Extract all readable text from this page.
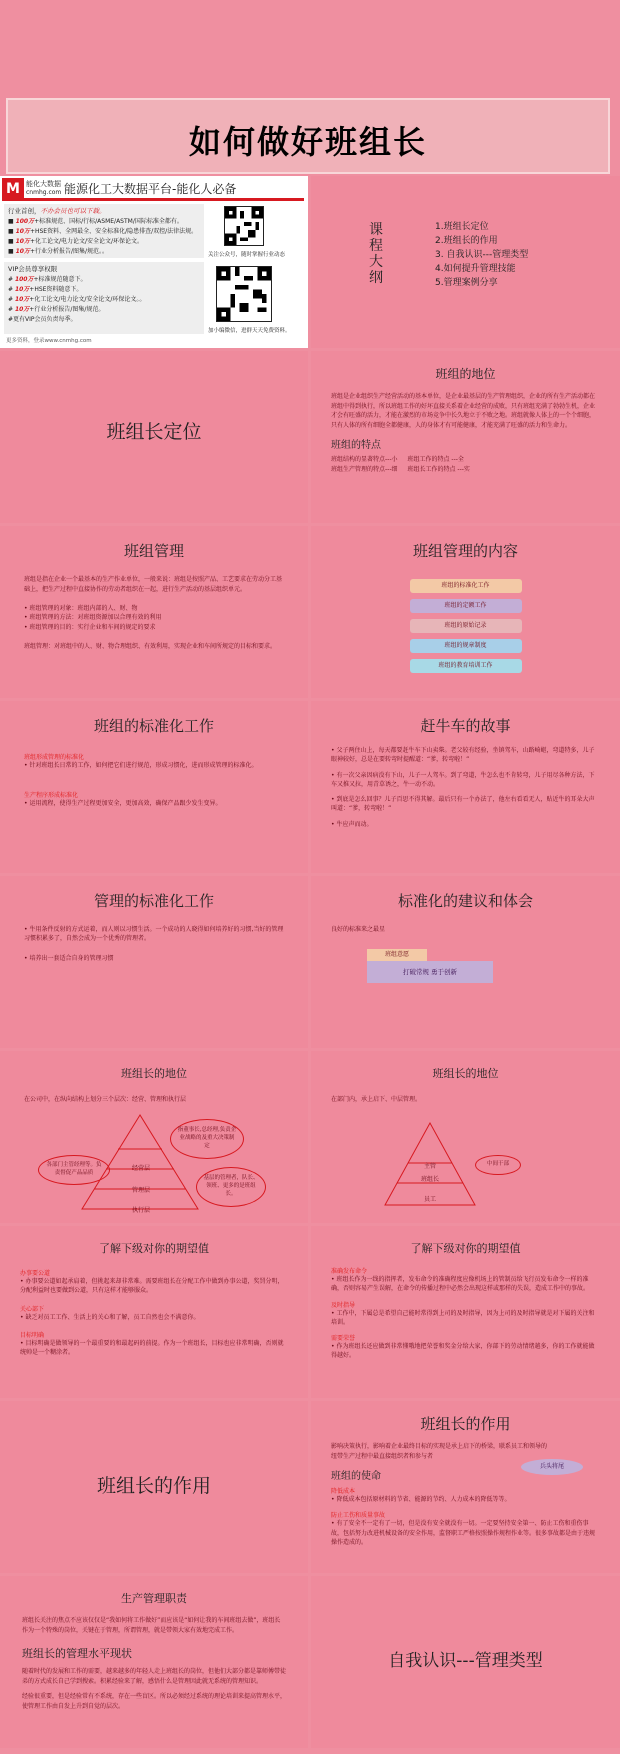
如何做好班组长
M 能化大数据
cnmhg.com 能源化工大数据平台-能化人必备
行业首创，不办会员也可以下载。
■ 100万+标准规范、国标/行标/ASME/ASTM/国际标准全都有。
■ 10万+HSE资料、全网最全、安全标准化/隐患排查/双控/法律法规。
■ 10万+化工论文/电力论文/安全论文/环保论文。
■ 10万+行业分析报告/图集/规范。。
VIP会员尊享权限
# 100万+标准规范随意下。
# 10万+HSE资料随意下。
# 10万+化工论文/电力论文/安全论文/环保论文。。
# 10万+行业分析报告/图集/规范。
#更有VIP会员负责每季。
更多资料，登录www.cnmhg.com
关注公众号，随时掌握行业动态
加小编微信，进群天天免费资料。
课程大纲
1.班组长定位
2.班组长的作用
3. 自我认识---管理类型
4.如何提升管理技能
5.管理案例分享
班组长定位
班组的地位
班组是企业组织生产经营活动的基本单位，是企业最基层的生产管理组织，企业的所有生产活动都在班组中得到执行，所以班组工作的好坏直接关系着企业经营的成败，只有班组充满了勃勃生机，企业才会有旺盛的活力，才能在激烈的市场竞争中长久地立于不败之地。班组就像人体上的一个个细胞，只有人体的所有细胞全都健康，人的身体才有可能健康，才能充满了旺盛的活力和生命力。
班组的特点
班组结构的显著特点---小 班组工作的特点 ---全
班组生产管理的特点---细 班组长工作的特点 ---实
班组管理
班组是指在企业一个最基本的生产作业单位，一般来说：班组是按照产品、工艺要求在劳动分工基础上，把生产过程中直接协作的劳动者组织在一起，进行生产活动的基层组织单元。
• 班组管理的对象：班组内部的人、财、物
• 班组管理的方法：对班组资源加以合理有效的利用
• 班组管理的目的：实行企业和车间的规定的要求
班组管理：对班组中的人、财、物合理组织、有效利用，实现企业和车间所规定的目标和要求。
班组管理的内容
班组的标准化工作
班组的定额工作
班组的原始记录
班组的规章制度
班组的教育培训工作
班组的标准化工作
班组形成管理的标准化
• 针对班组长日常的工作，如何把它们进行规范，形成习惯化，进而形成管理的标准化。
生产程序形成标准化
• 运用流程，使得生产过程更加安全，更加高效，确保产品跟少发生变异。
赶牛车的故事
• 父子两住山上，每天都要赶牛车下山卖柴。老父较有经验，坐镇驾车，山路崎岖，弯道特多，儿子眼神较好，总是在要转弯时提醒道：“爹，转弯啦！”
• 有一次父亲因病没有下山，儿子一人驾车。到了弯道，牛怎么也不肯转弯，儿子用尽各种方法，下车又推又拉，用青草诱之，牛一动不动。
• 到底是怎么回事？儿子百思不得其解。最后只有一个办法了，他左右看看无人，贴近牛的耳朵大声叫道：“爹，转弯啦！”
• 牛应声而动。
管理的标准化工作
• 牛用条件反射的方式运着，而人则以习惯生活。一个成功的人晓得如何培养好的习惯,当好的管理习惯积累多了，自然会成为一个优秀的管理者。
• 培养出一套适合自身的管理习惯
标准化的建议和体会
良好的标准来之最星
班组意愿
打破常规 勇于创新
班组长的地位
在公司中，在纵向结构上划分三个层次：经营、管理和执行层
经营层
管理层
执行层
各部门主管经理等。负责督促产品品质
指董事长,总经理,负责企业战略的及重大决策制定
基层的管理者，队长、领班、更多的是班组长。
班组长的地位
在部门内，承上启下、中层管理。
主管
班组长
员工
中间干部
了解下级对你的期望值
办事要公道
• 办事要公道如起承肩着，但挑起来却非常难。需要班组长在分配工作中做到办事公道，奖罚分明，分配利益时也要做到公道，只有这样才能够服众。
关心部下
• 缺乏对员工工作、生活上的关心和了解，员工自然也会不满意你。
目标明确
• 目标明确是做领导的一个最重要的和最起码的前提。作为一个班组长，目标也应非常明确，否则就统帅是一个糊涂者。
了解下级对你的期望值
准确发布命令
• 班组长作为一线的指挥者，发布命令的准确程度应像机场上的管制员给飞行员发布命令一样的准确，否则容易产生误解，在命令的传播过程中必然会出现这样或那样的失误，造成工作中的事故。
及时指导
• 工作中，下属总是希望自己能时常得到上司的及时指导，因为上司的及时指导就是对下属的关注和培训。
需要荣誉
• 作为班组长还应做到非常懂哦地把荣誉和奖金分给大家，你部下的劳动情绪越多，你的工作就能做得越好。
班组长的作用
班组长的作用
影响决策执行，影响着企业最终目标的实现是承上启下的桥梁，联系员工和领导的纽带生产过程中最直接组织者和参与者
兵头将尾
班组的使命
降低成本
• 降低成本包括原材料的节省、能源的节约、人力成本的降低等等。
防止工伤和质量事故
• 有了安全不一定有了一切，但是没有安全就没有一切。一定要坚持安全第一、防止工伤和重伤事故，包括努力改进机械设备的安全作用，监督职工严格按照操作规程作业等。很多事故都是由于违规操作造成的。
生产管理职责
班组长关注的焦点不应该仅仅是“我如何将工作做好”而应该是“如何让我的车间班组去做”，班组长作为一个特殊的岗位，关键在于管理，所谓管理，就是带领大家有效地完成工作。
班组长的管理水平现状
随着时代的发展和工作的需要，越来越多的年轻人走上班组长的岗位，但他们大部分都是靠师傅带徒弟的方式成长自己学到搜索。积累经验来了解，感悟什么是管理因此就无系统的管理知识。
经验很重要，但是经验常有不系统，存在一些盲区。所以必须经过系统的理论培训来提高管理水平，使管理工作由自发上升到自觉的层次。
自我认识---管理类型
